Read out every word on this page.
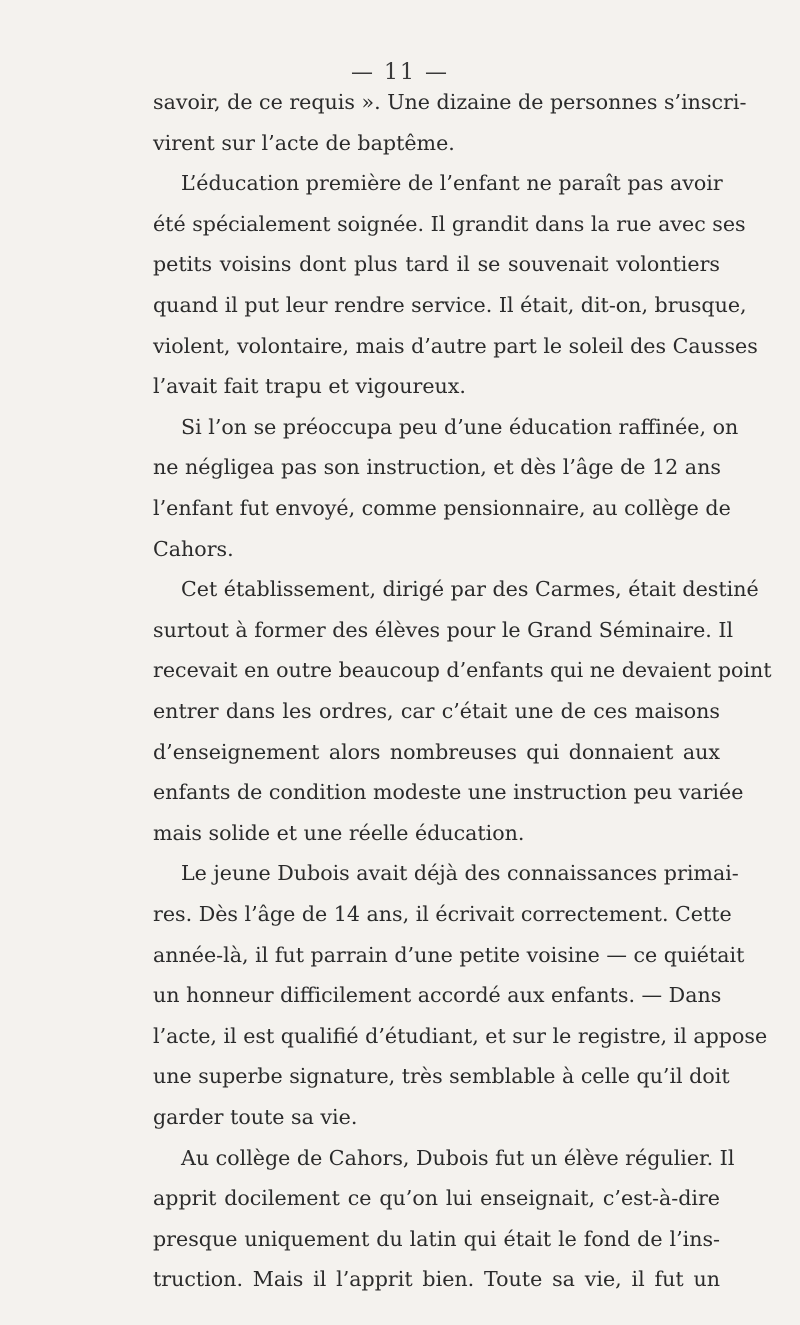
— 11 —
savoir, de ce requis ». Une dizaine de personnes s’inscri-
virent sur l’acte de baptême.
L’éducation première de l’enfant ne paraît pas avoir
été spécialement soignée. Il grandit dans la rue avec ses
petits voisins dont plus tard il se souvenait volontiers
quand il put leur rendre service. Il était, dit-on, brusque,
violent, volontaire, mais d’autre part le soleil des Causses
l’avait fait trapu et vigoureux.
Si l’on se préoccupa peu d’une éducation raffinée, on
ne négligea pas son instruction, et dès l’âge de 12 ans
l’enfant fut envoyé, comme pensionnaire, au collège de
Cahors.
Cet établissement, dirigé par des Carmes, était destiné
surtout à former des élèves pour le Grand Séminaire. Il
recevait en outre beaucoup d’enfants qui ne devaient point
entrer dans les ordres, car c’était une de ces maisons
d’enseignement alors nombreuses qui donnaient aux
enfants de condition modeste une instruction peu variée
mais solide et une réelle éducation.
Le jeune Dubois avait déjà des connaissances primai-
res. Dès l’âge de 14 ans, il écrivait correctement. Cette
année-là, il fut parrain d’une petite voisine — ce quiétait
un honneur difficilement accordé aux enfants. — Dans
l’acte, il est qualifié d’étudiant, et sur le registre, il appose
une superbe signature, très semblable à celle qu’il doit
garder toute sa vie.
Au collège de Cahors, Dubois fut un élève régulier. Il
apprit docilement ce qu’on lui enseignait, c’est-à-dire
presque uniquement du latin qui était le fond de l’ins-
truction. Mais il l’apprit bien. Toute sa vie, il fut un
